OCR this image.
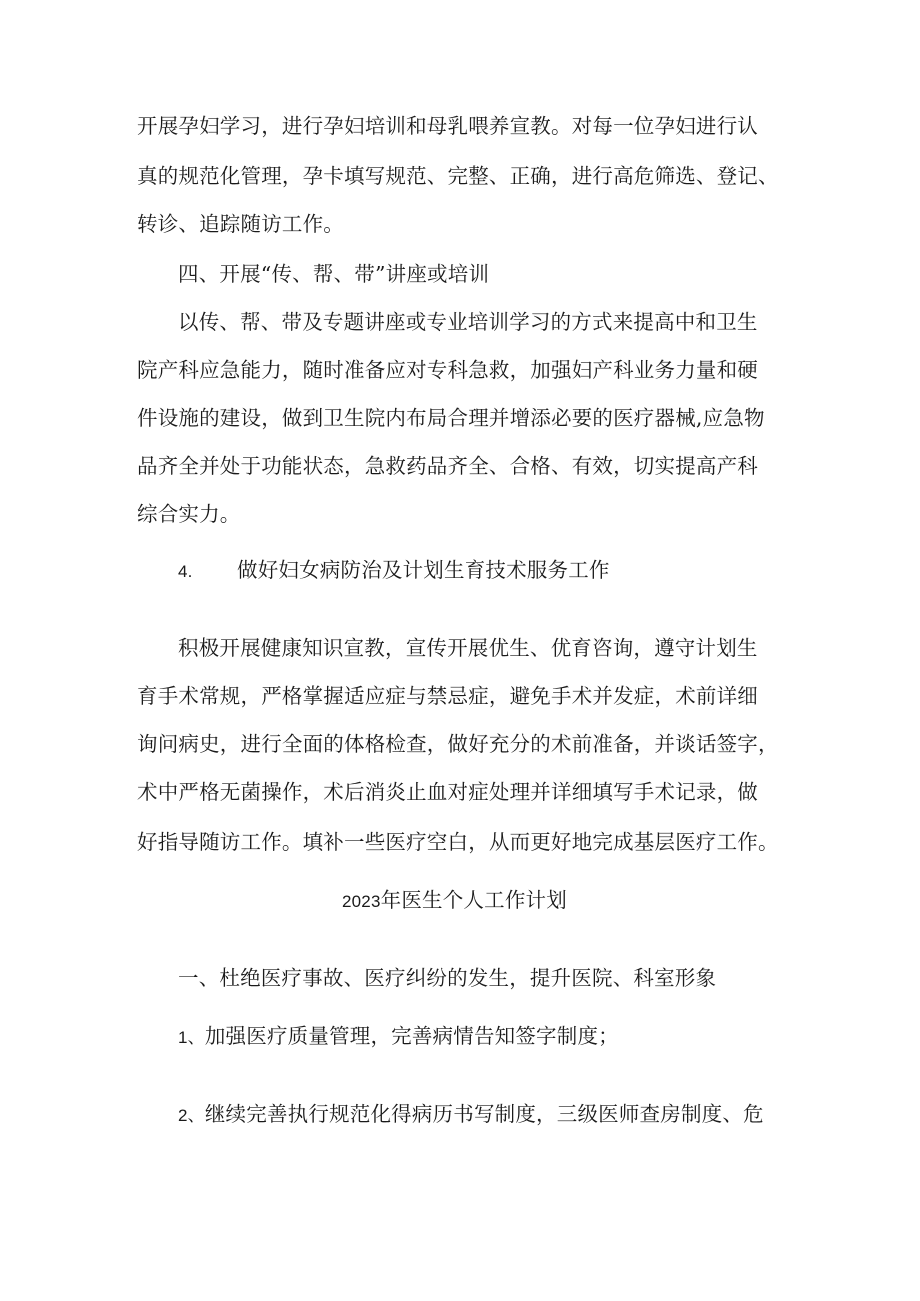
开展孕妇学习，进行孕妇培训和母乳喂养宣教。对每一位孕妇进行认

真的规范化管理，孕卡填写规范、完整、正确，进行高危筛选、登记、

转诊、追踪随访工作。

四、开展“传、帮、带”讲座或培训

以传、帮、带及专题讲座或专业培训学习的方式来提高中和卫生

院产科应急能力，随时准备应对专科急救，加强妇产科业务力量和硬

件设施的建设，做到卫生院内布局合理并增添必要的医疗器械,应急物

品齐全并处于功能状态，急救药品齐全、合格、有效，切实提高产科

综合实力。

4. 做好妇女病防治及计划生育技术服务工作

积极开展健康知识宣教，宣传开展优生、优育咨询，遵守计划生

育手术常规，严格掌握适应症与禁忌症，避免手术并发症，术前详细

询问病史，进行全面的体格检查，做好充分的术前准备，并谈话签字，

术中严格无菌操作，术后消炎止血对症处理并详细填写手术记录，做

好指导随访工作。填补一些医疗空白，从而更好地完成基层医疗工作。

2023年医生个人工作计划

一、杜绝医疗事故、医疗纠纷的发生，提升医院、科室形象

1、加强医疗质量管理，完善病情告知签字制度；

2、继续完善执行规范化得病历书写制度，三级医师查房制度、危
